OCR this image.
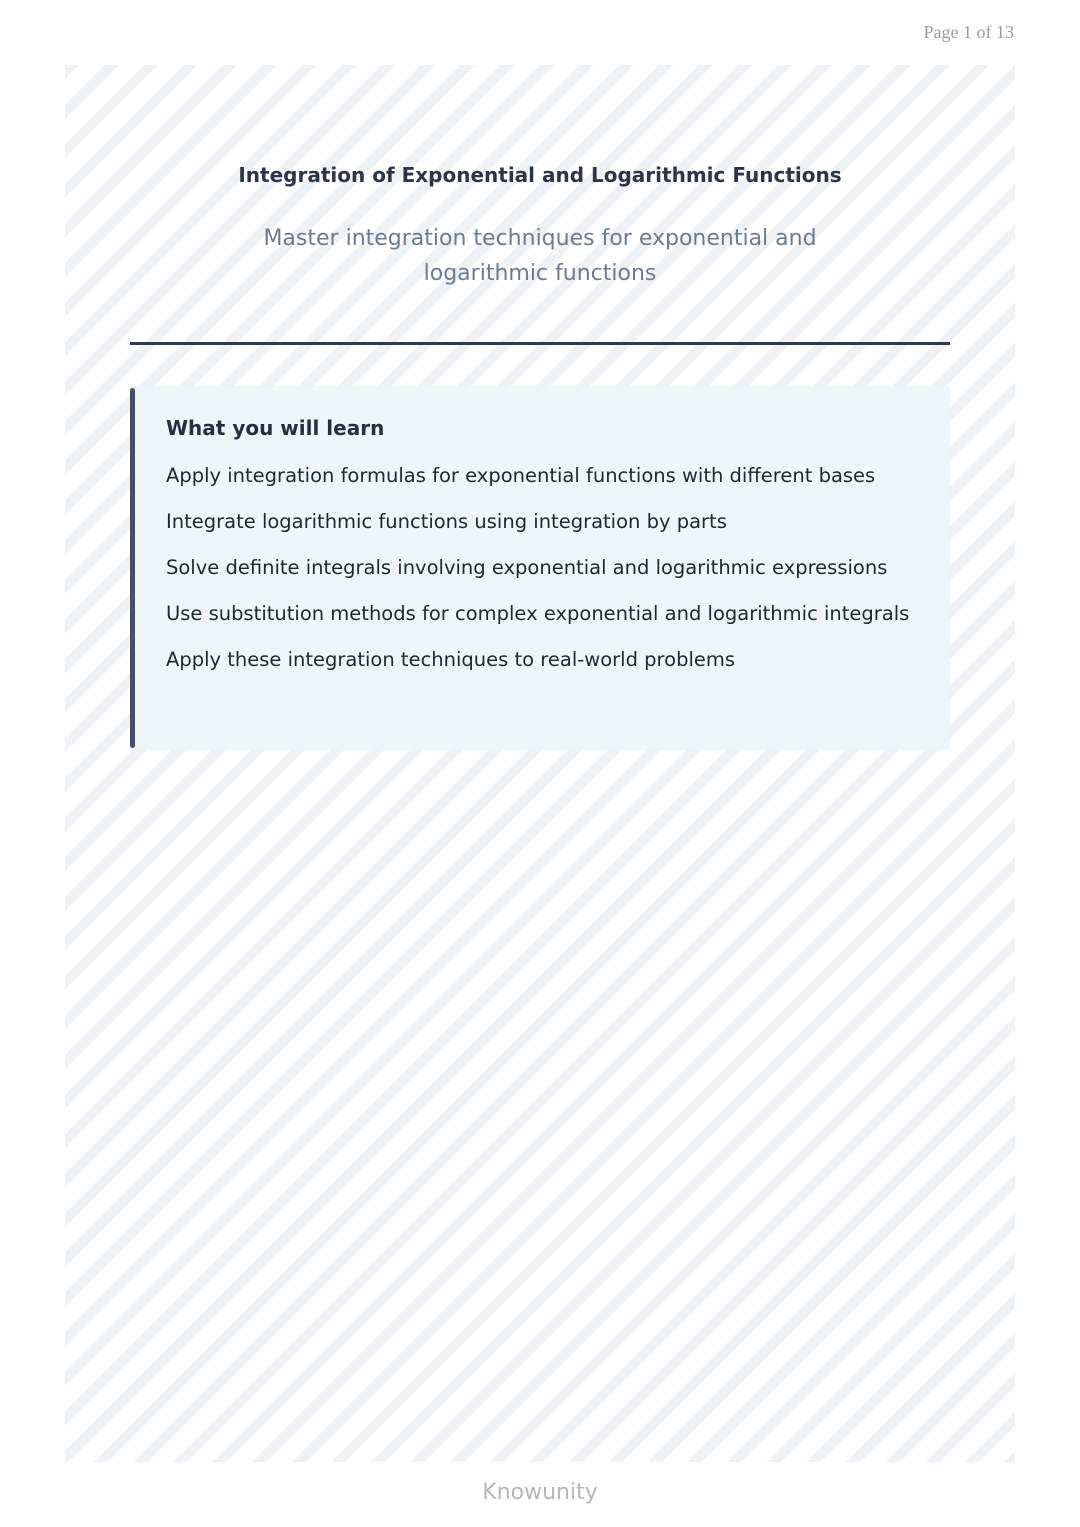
Page 1 of 13
Integration of Exponential and Logarithmic Functions

Master integration techniques for exponential and logarithmic functions

What you will learn
Apply integration formulas for exponential functions with different bases
Integrate logarithmic functions using integration by parts
Solve definite integrals involving exponential and logarithmic expressions
Use substitution methods for complex exponential and logarithmic integrals
Apply these integration techniques to real-world problems
Knowunity
